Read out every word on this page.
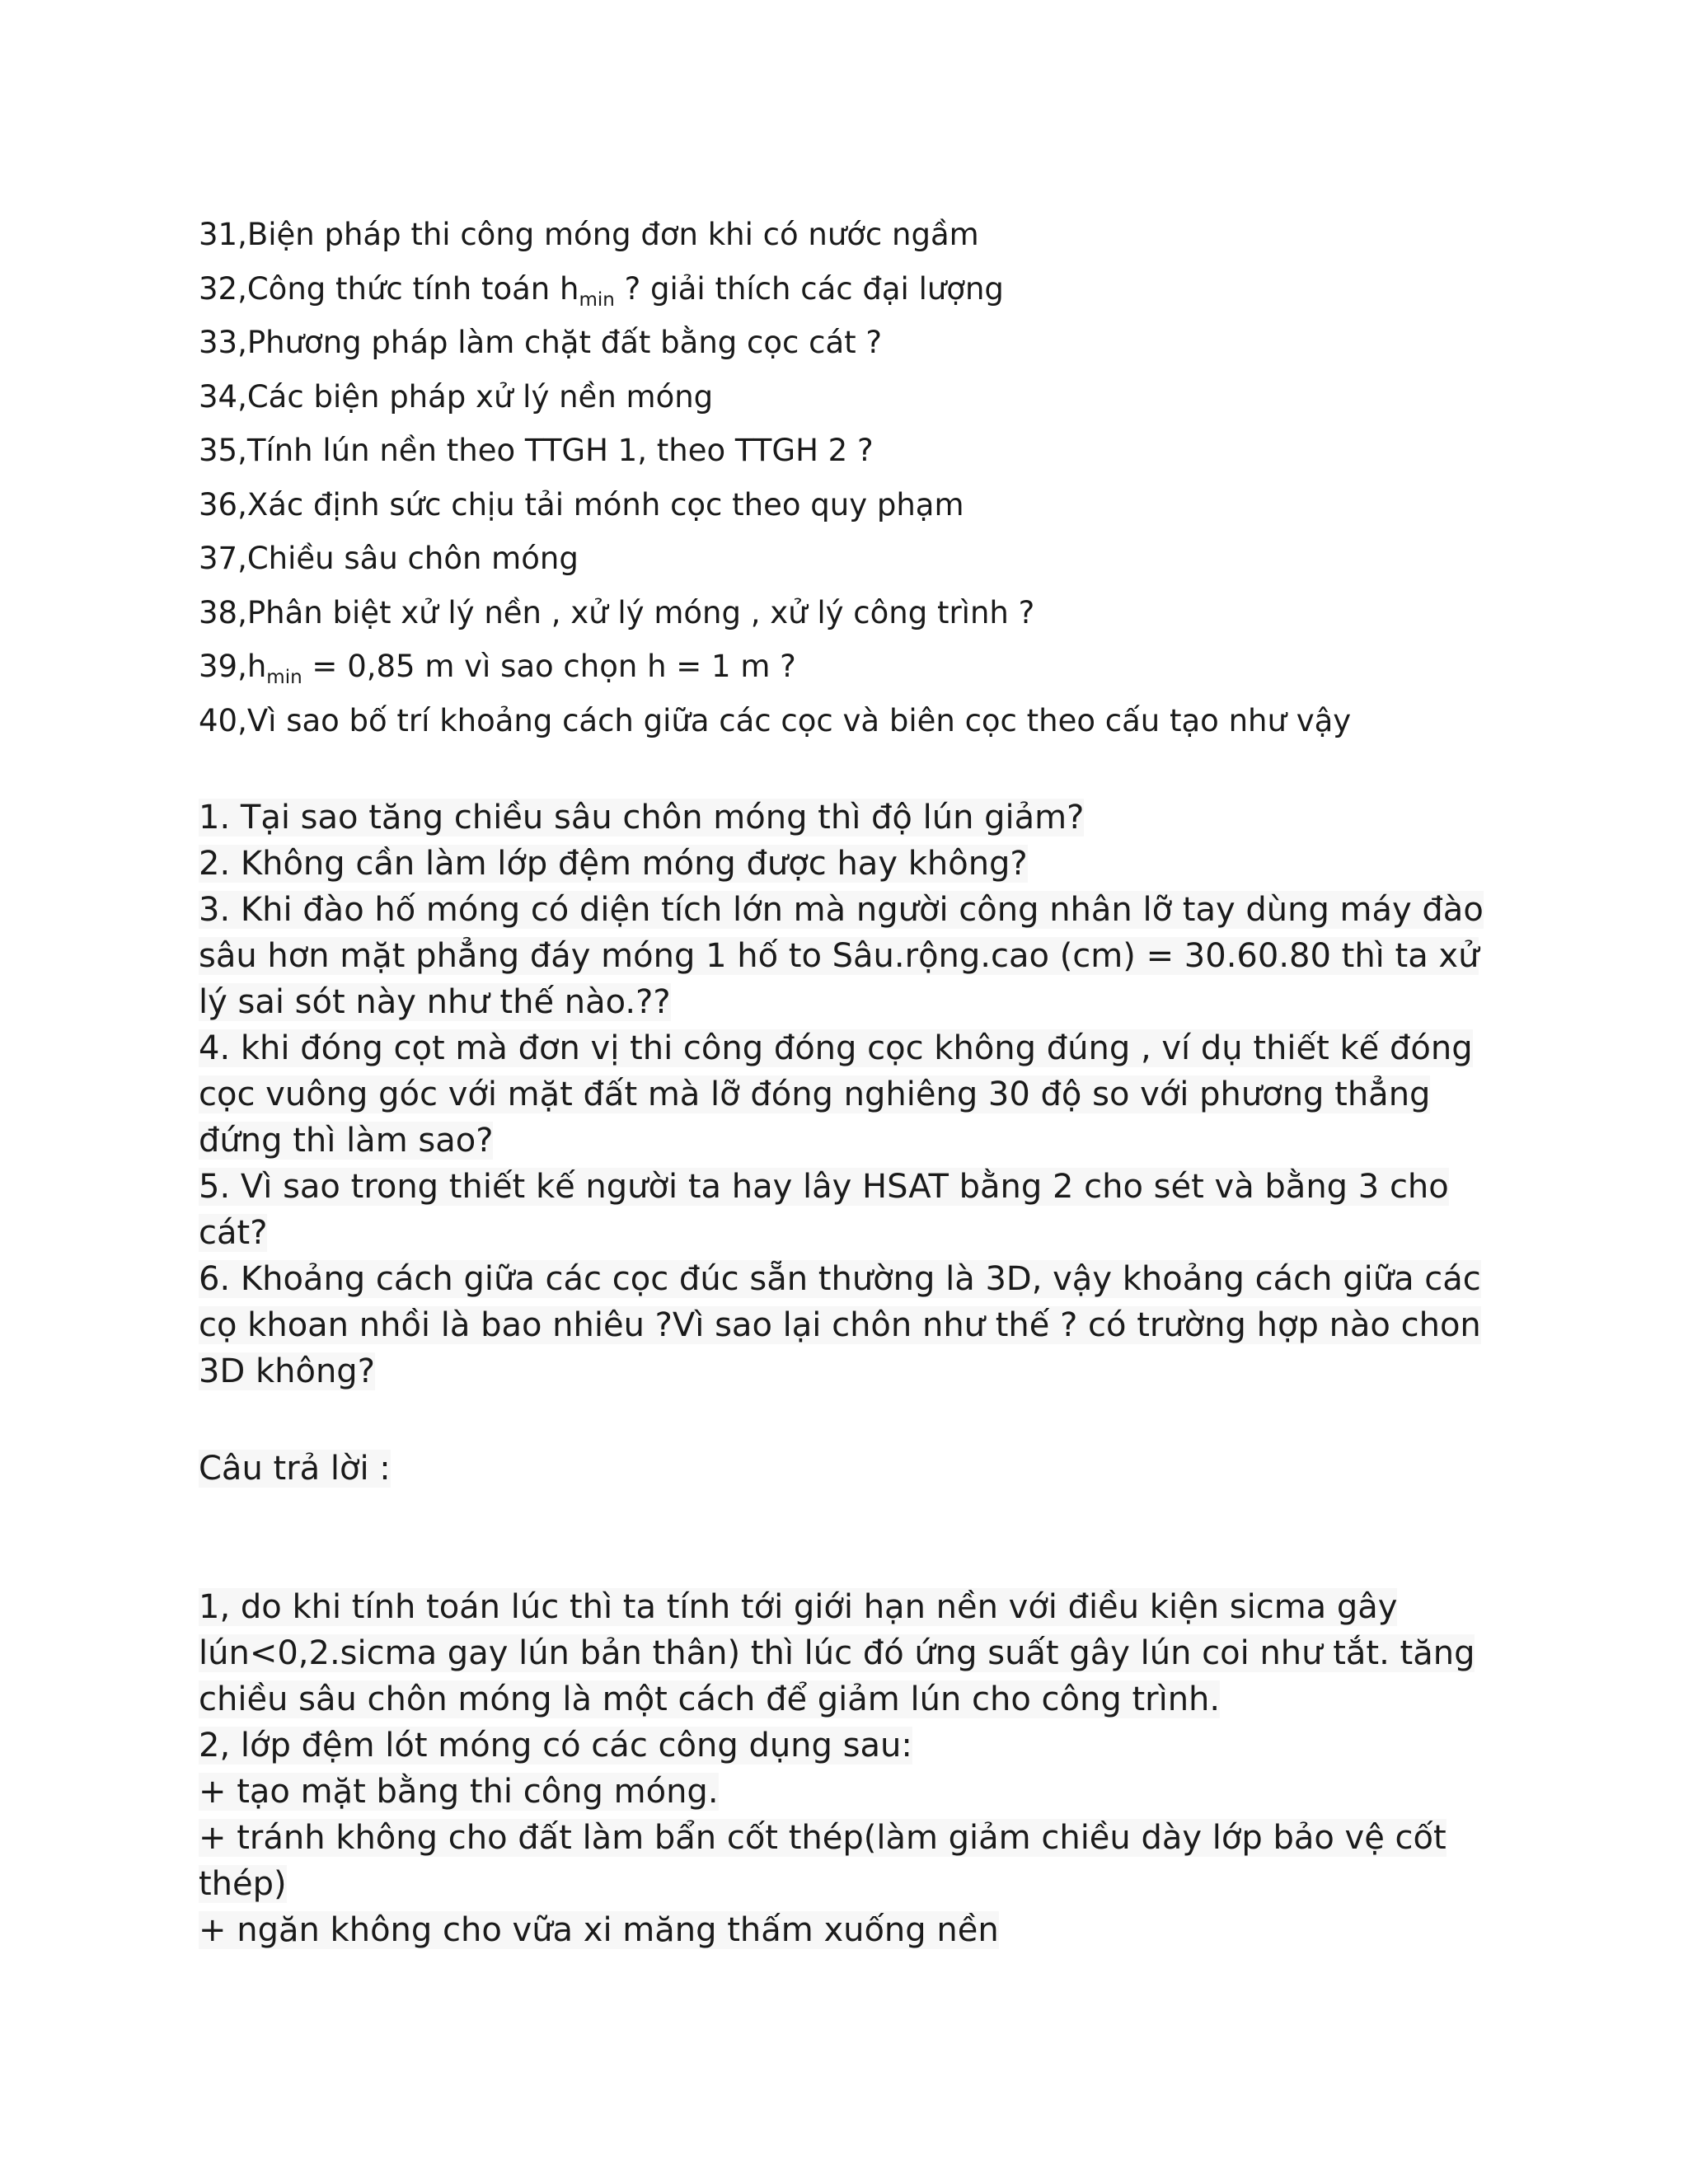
31,Biện pháp thi công móng đơn khi có nước ngầm
32,Công thức tính toán $h_{min}$ ? giải thích các đại lượng
33,Phương pháp làm chặt đất bằng cọc cát ?
34,Các biện pháp xử lý nền móng
35,Tính lún nền theo TTGH 1, theo TTGH 2 ?
36,Xác định sức chịu tải mónh cọc theo quy phạm
37,Chiều sâu chôn móng
38,Phân biệt xử lý nền , xử lý móng , xử lý công trình ?
$39,h_{min} = 0,85$ m vì sao chọn h = 1 m ?
40,Vì sao bố trí khoảng cách giữa các cọc và biên cọc theo cấu tạo như vậy

1. Tại sao tăng chiều sâu chôn móng thì độ lún giảm?

2. Không cần làm lớp đệm móng được hay không?

3. Khi đào hố móng có diện tích lớn mà người công nhân lỡ tay dùng máy đào sâu hơn mặt phẳng đáy móng 1 hố to Sâu.rộng.cao (cm) = 30.60.80 thì ta xử lý sai sót này như thế nào.??

4. khi đóng cọt mà đơn vị thi công đóng cọc không đúng , ví dụ thiết kế đóng cọc vuông góc với mặt đất mà lỡ đóng nghiêng 30 độ so với phương thẳng đứng thì làm sao?

5. Vì sao trong thiết kế người ta hay lây HSAT bằng 2 cho sét và bằng 3 cho cát?

6. Khoảng cách giữa các cọc đúc sẵn thường là 3D, vậy khoảng cách giữa các cọ khoan nhồi là bao nhiêu ?Vì sao lại chôn như thế ? có trường hợp nào chon 3D không?

Câu trả lời :

1, do khi tính toán lúc thì ta tính tới giới hạn nền với điều kiện sicma gây lún<0,2.sicma gay lún bản thân) thì lúc đó ứng suất gây lún coi như tắt. tăng chiều sâu chôn móng là một cách để giảm lún cho công trình.

2, lớp đệm lót móng có các công dụng sau:

+ tạo mặt bằng thi công móng.

+ tránh không cho đất làm bẩn cốt thép(làm giảm chiều dày lớp bảo vệ cốt thép)

+ ngăn không cho vữa xi măng thấm xuống nền
